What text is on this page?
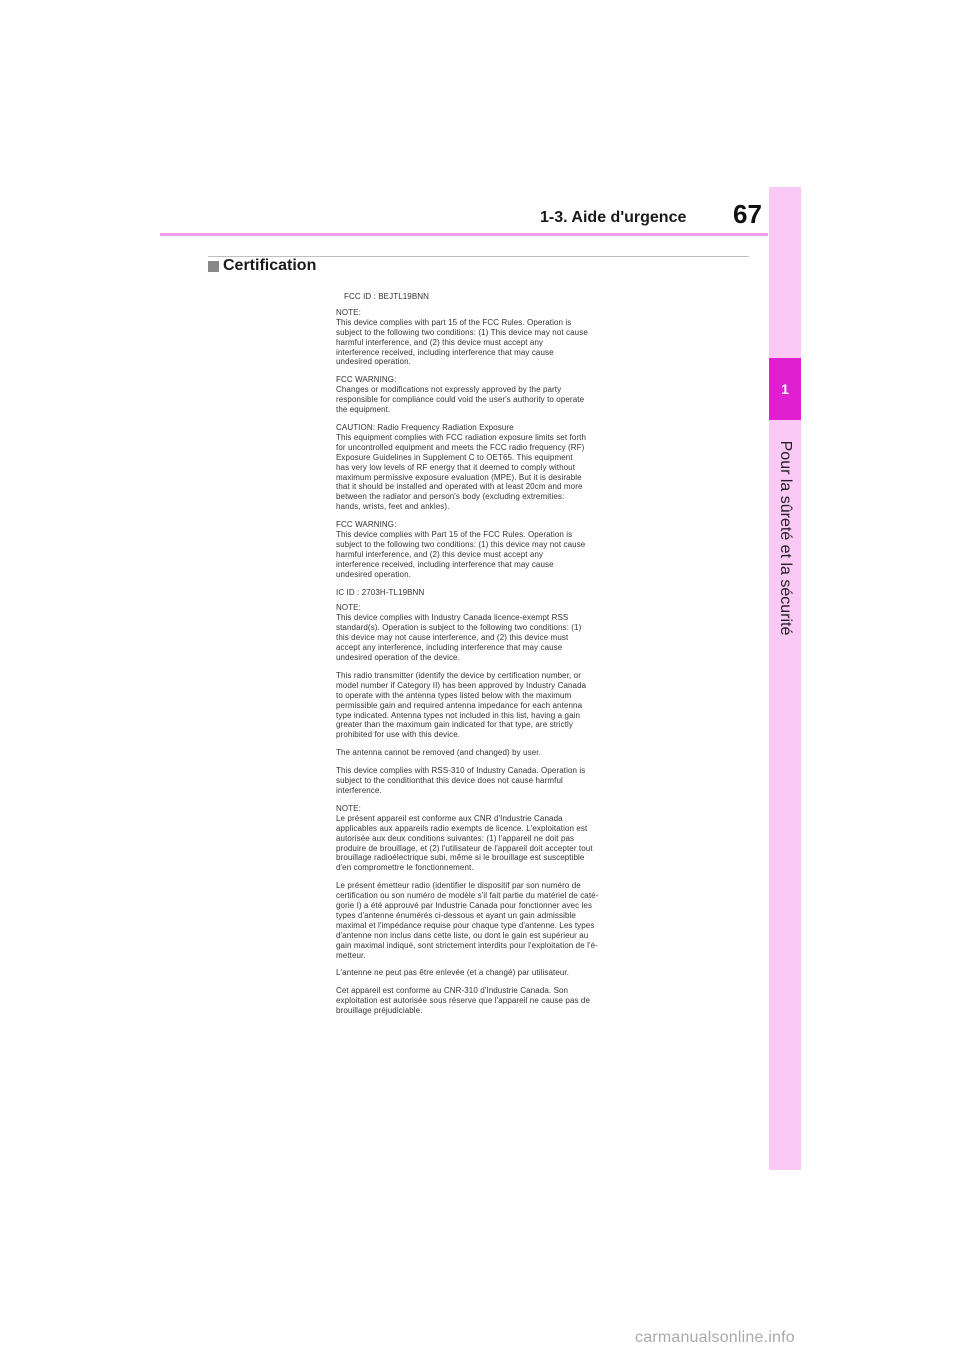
1
Pour la sûreté et la sécurité
1-3. Aide d'urgence 67
Certification

FCC ID : BEJTL19BNN

NOTE:

This device complies with part 15 of the FCC Rules. Operation is

subject to the following two conditions: (1) This device may not cause

harmful interference, and (2) this device must accept any

interference received, including interference that may cause

undesired operation.

FCC WARNING:

Changes or modifications not expressly approved by the party

responsible for compliance could void the user's authority to operate

the equipment.

CAUTION: Radio Frequency Radiation Exposure

This equipment complies with FCC radiation exposure limits set forth

for uncontrolled equipment and meets the FCC radio frequency (RF)

Exposure Guidelines in Supplement C to OET65. This equipment

has very low levels of RF energy that it deemed to comply without

maximum permissive exposure evaluation (MPE). But it is desirable

that it should be installed and operated with at least 20cm and more

between the radiator and person's body (excluding extremities:

hands, wrists, feet and ankles).

FCC WARNING:

This device complies with Part 15 of the FCC Rules. Operation is

subject to the following two conditions: (1) this device may not cause

harmful interference, and (2) this device must accept any

interference received, including interference that may cause

undesired operation.

IC ID : 2703H-TL19BNN

NOTE:

This device complies with Industry Canada licence-exempt RSS

standard(s). Operation is subject to the following two conditions: (1)

this device may not cause interference, and (2) this device must

accept any interference, including interference that may cause

undesired operation of the device.

This radio transmitter (identify the device by certification number, or

model number if Category II) has been approved by Industry Canada

to operate with the antenna types listed below with the maximum

permissible gain and required antenna impedance for each antenna

type indicated. Antenna types not included in this list, having a gain

greater than the maximum gain indicated for that type, are strictly

prohibited for use with this device.

The antenna cannot be removed (and changed) by user.

This device complies with RSS-310 of Industry Canada. Operation is

subject to the conditionthat this device does not cause harmful

interference.

NOTE:

Le présent appareil est conforme aux CNR d'Industrie Canada

applicables aux appareils radio exempts de licence. L'exploitation est

autorisée aux deux conditions suivantes: (1) l'appareil ne doit pas

produire de brouillage, et (2) l'utilisateur de l'appareil doit accepter tout

brouillage radioélectrique subi, même si le brouillage est susceptible

d'en compromettre le fonctionnement.

Le présent émetteur radio (identifier le dispositif par son numéro de

certification ou son numéro de modèle s'il fait partie du matériel de caté-

gorie I) a été approuvé par Industrie Canada pour fonctionner avec les

types d'antenne énumérés ci-dessous et ayant un gain admissible

maximal et l'impédance requise pour chaque type d'antenne. Les types

d'antenne non inclus dans cette liste, ou dont le gain est supérieur au

gain maximal indiqué, sont strictement interdits pour l'exploitation de l'é-

metteur.

L'antenne ne peut pas être enlevée (et a changé) par utilisateur.

Cet appareil est conforme au CNR-310 d'Industrie Canada. Son

exploitation est autorisée sous réserve que l'appareil ne cause pas de

brouillage préjudiciable.

carmanualsonline.info
